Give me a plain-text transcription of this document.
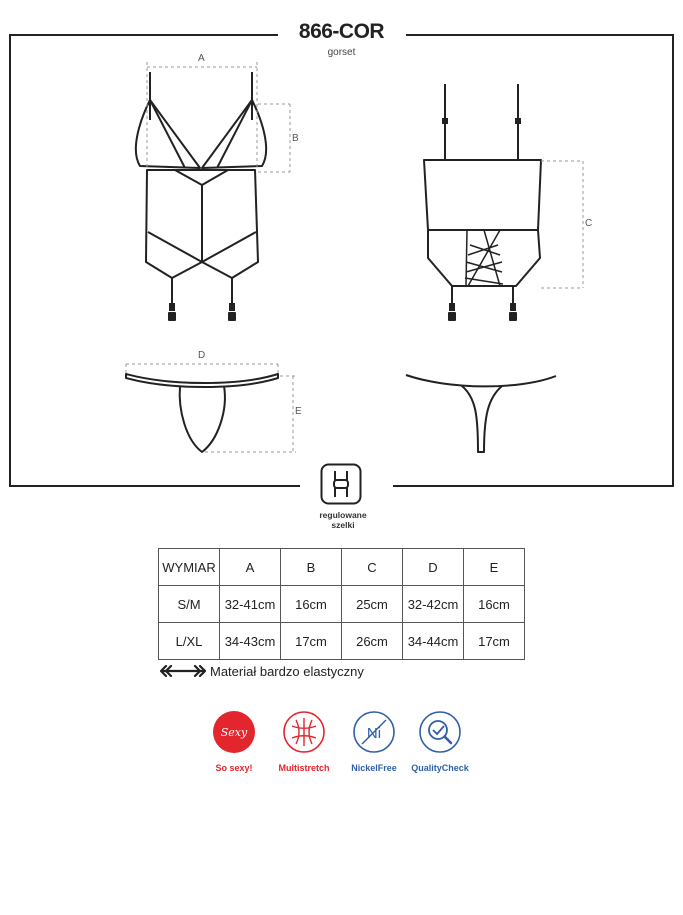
866-COR
gorset
A
B
C
D
E
regulowane
szelki
WYMIAR	A	B	C	D	E
S/M	32-41cm	16cm	25cm	32-42cm	16cm
L/XL	34-43cm	17cm	26cm	34-44cm	17cm
Materiał bardzo elastyczny
Sexy
So sexy!	Multistretch
Ni
NickelFree	QualityCheck
